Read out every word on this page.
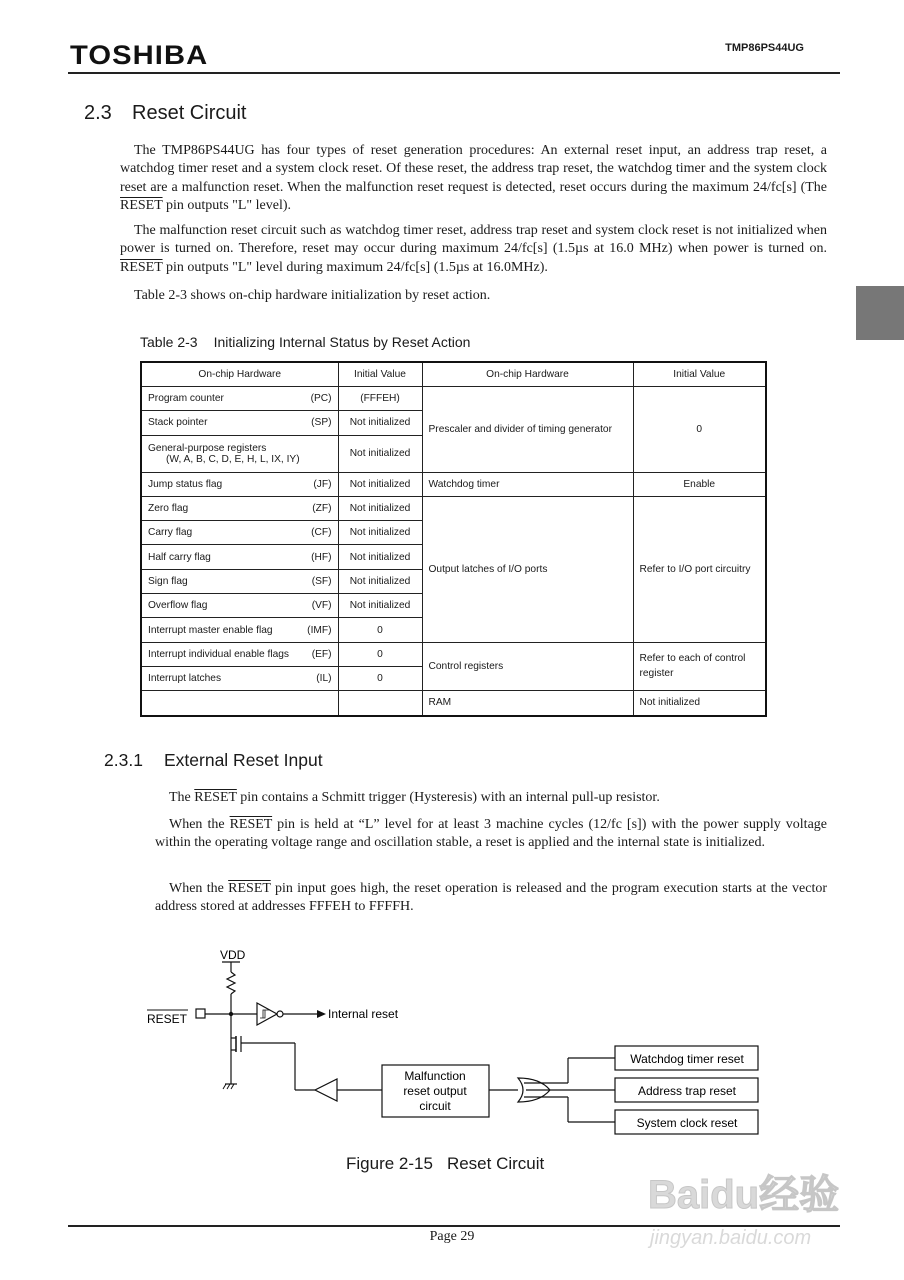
TOSHIBA	TMP86PS44UG
2.3 Reset Circuit

The TMP86PS44UG has four types of reset generation procedures: An external reset input, an address trap reset, a watchdog timer reset and a system clock reset. Of these reset, the address trap reset, the watchdog timer and the system clock reset are a malfunction reset. When the malfunction reset request is detected, reset occurs during the maximum 24/fc[s] (The RESET pin outputs "L" level).

The malfunction reset circuit such as watchdog timer reset, address trap reset and system clock reset is not initialized when power is turned on. Therefore, reset may occur during maximum 24/fc[s] (1.5µs at 16.0 MHz) when power is turned on. RESET pin outputs "L" level during maximum 24/fc[s] (1.5µs at 16.0MHz).

Table 2-3 shows on-chip hardware initialization by reset action.

Table 2-3 Initializing Internal Status by Reset Action
On-chip Hardware	Initial Value	On-chip Hardware	Initial Value

Program counter (PC)	(FFFEH)	Prescaler and divider of timing generator	0

Stack pointer (SP)	Not initialized		
General-purpose registers
(W, A, B, C, D, E, H, L, IX, IY)	Not initialized		

Jump status flag (JF)	Not initialized	Watchdog timer	Enable

Zero flag (ZF)	Not initialized	Output latches of I/O ports	Refer to I/O port circuitry

Carry flag (CF)	Not initialized		

Half carry flag (HF)	Not initialized		

Sign flag (SF)	Not initialized		

Overflow flag (VF)	Not initialized		

Interrupt master enable flag (IMF)	0		

Interrupt individual enable flags (EF)	0	Control registers	Refer to each of control register

Interrupt latches (IL)	0		
		RAM	Not initialized
2.3.1 External Reset Input

The RESET pin contains a Schmitt trigger (Hysteresis) with an internal pull-up resistor.

When the RESET pin is held at “L” level for at least 3 machine cycles (12/fc [s]) with the power supply voltage within the operating voltage range and oscillation stable, a reset is applied and the internal state is initialized.

When the RESET pin input goes high, the reset operation is released and the program execution starts at the vector address stored at addresses FFFEH to FFFFH.

VDD
RESET	Internal reset
Malfunction
reset output
circuit
Watchdog timer reset
Address trap reset
System clock reset
Figure 2-15 Reset Circuit
Page 29
Baidu经验
jingyan.baidu.com
